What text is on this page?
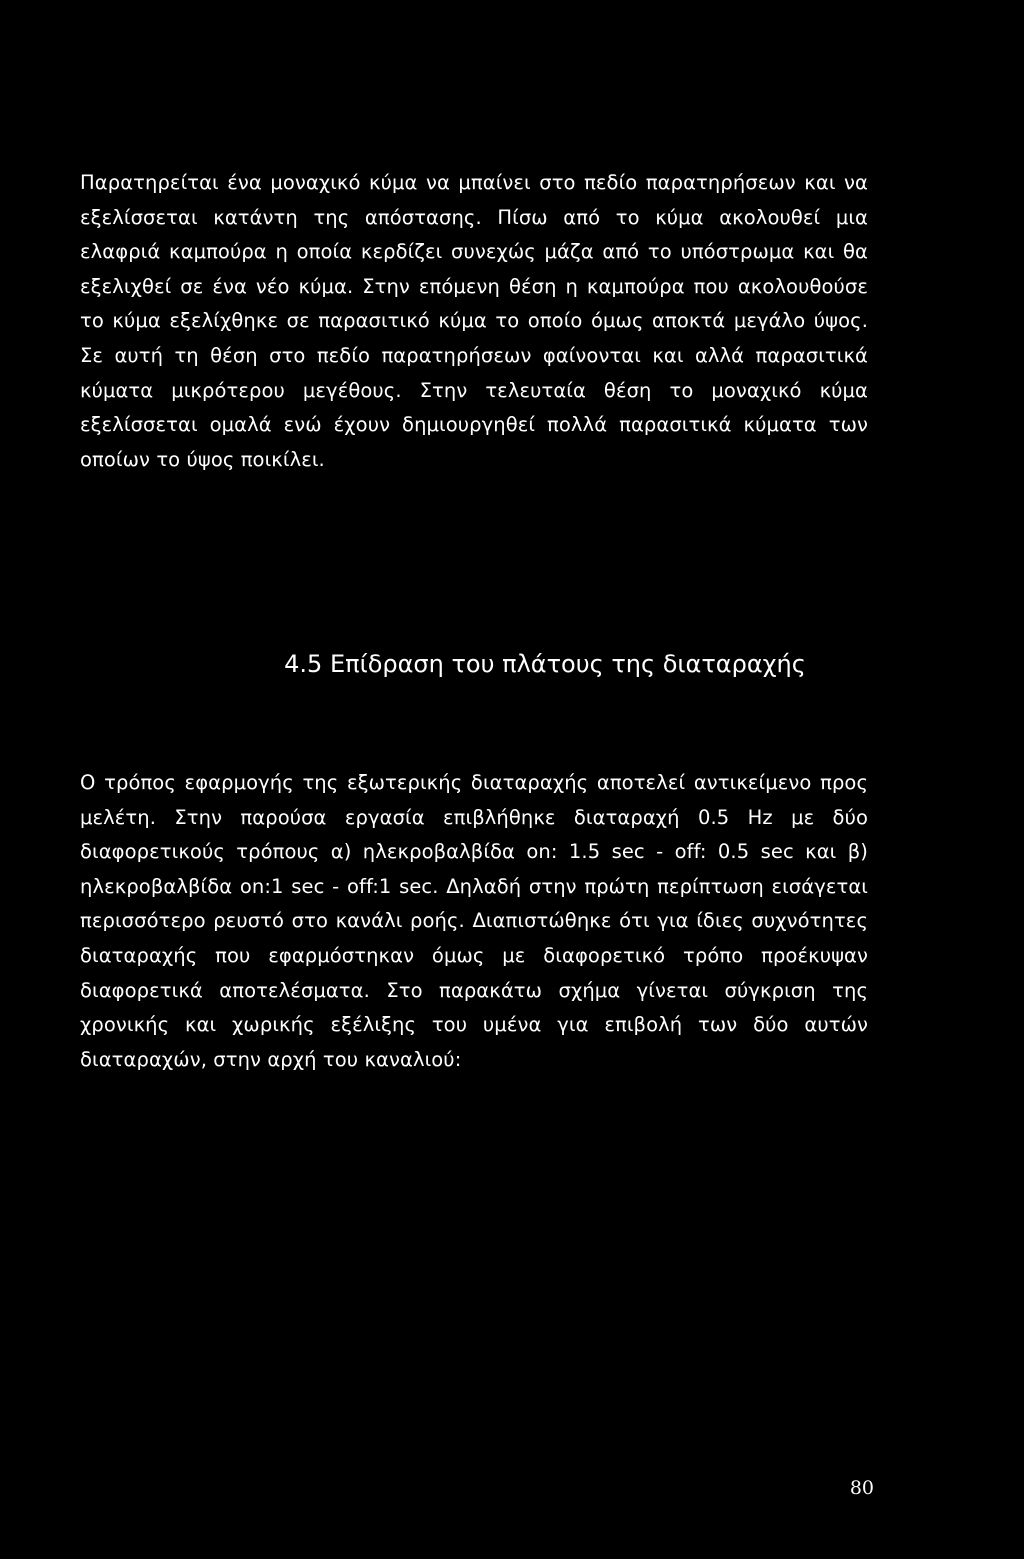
Παρατηρείται ένα μοναχικό κύμα να μπαίνει στο πεδίο παρατηρήσεων και να εξελίσσεται κατάντη της απόστασης. Πίσω από το κύμα ακολουθεί μια ελαφριά καμπούρα η οποία κερδίζει συνεχώς μάζα από το υπόστρωμα και θα εξελιχθεί σε ένα νέο κύμα. Στην επόμενη θέση η καμπούρα που ακολουθούσε το κύμα εξελίχθηκε σε παρασιτικό κύμα το οποίο όμως αποκτά μεγάλο ύψος. Σε αυτή τη θέση στο πεδίο παρατηρήσεων φαίνονται και αλλά παρασιτικά κύματα μικρότερου μεγέθους. Στην τελευταία θέση το μοναχικό κύμα εξελίσσεται ομαλά ενώ έχουν δημιουργηθεί πολλά παρασιτικά κύματα των οποίων το ύψος ποικίλει.

4.5 Επίδραση του πλάτους της διαταραχής

Ο τρόπος εφαρμογής της εξωτερικής διαταραχής αποτελεί αντικείμενο προς μελέτη. Στην παρούσα εργασία επιβλήθηκε διαταραχή 0.5 Hz με δύο διαφορετικούς τρόπους α) ηλεκροβαλβίδα on: 1.5 sec - off: 0.5 sec και β) ηλεκροβαλβίδα on:1 sec - off:1 sec. Δηλαδή στην πρώτη περίπτωση εισάγεται περισσότερο ρευστό στο κανάλι ροής. Διαπιστώθηκε ότι για ίδιες συχνότητες διαταραχής που εφαρμόστηκαν όμως με διαφορετικό τρόπο προέκυψαν διαφορετικά αποτελέσματα. Στο παρακάτω σχήμα γίνεται σύγκριση της χρονικής και χωρικής εξέλιξης του υμένα για επιβολή των δύο αυτών διαταραχών, στην αρχή του καναλιού:

80
